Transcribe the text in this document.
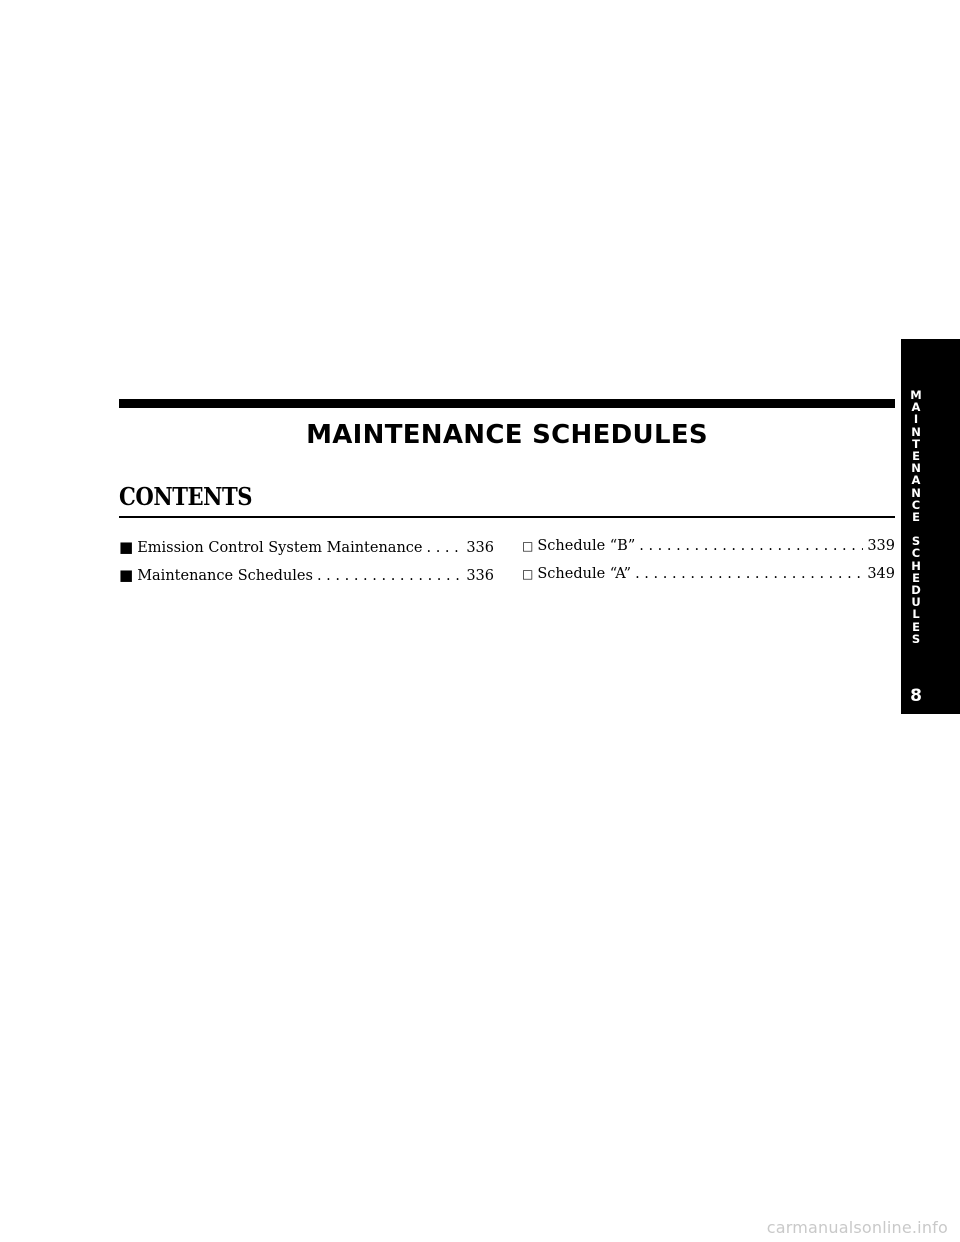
MAINTENANCE SCHEDULES
CONTENTS
■ Emission Control System Maintenance . . .	336
■ Maintenance Schedules . . .	336
□ Schedule “B” . . .	339
□ Schedule “A” . . .	349
M
A
I
N
T
E
N
A
N
C
E
S
C
H
E
D
U
L
E
S
8
carmanualsonline.info
